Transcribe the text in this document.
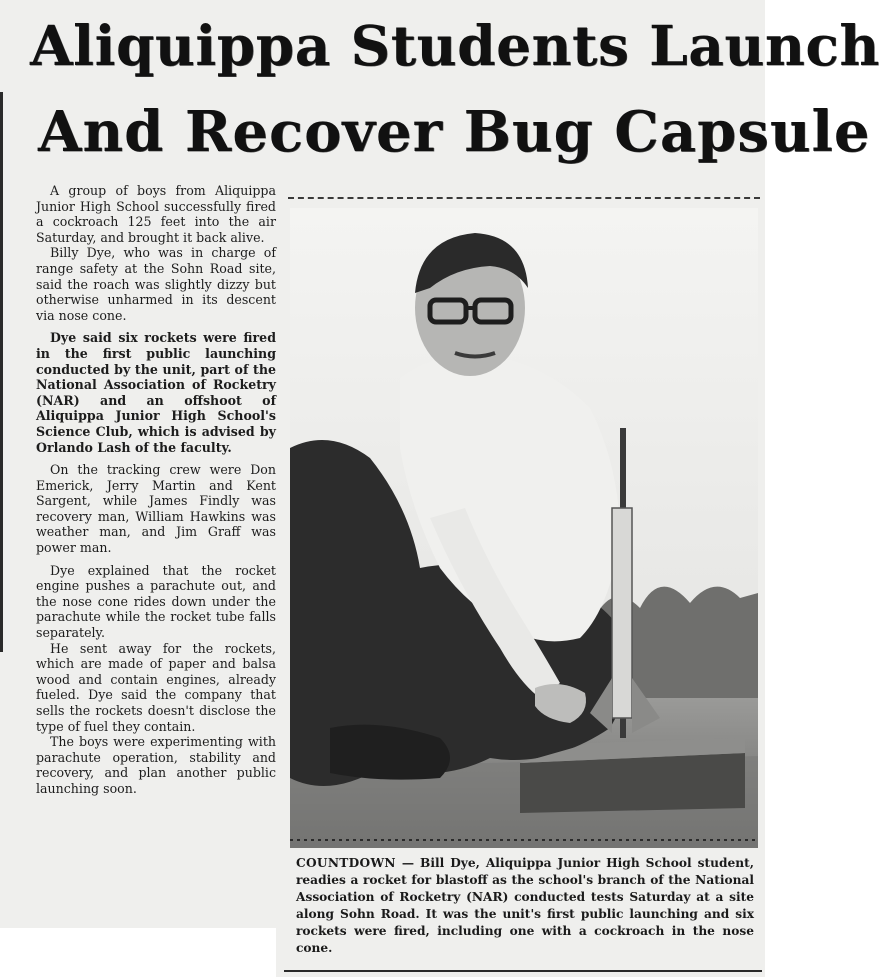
Aliquippa Students Launch
And Recover Bug Capsule

A group of boys from Aliquippa Junior High School successfully fired a cockroach 125 feet into the air Saturday, and brought it back alive.

Billy Dye, who was in charge of range safety at the Sohn Road site, said the roach was slightly dizzy but otherwise unharmed in its descent via nose cone.

Dye said six rockets were fired in the first public launching conducted by the unit, part of the National Association of Rocketry (NAR) and an offshoot of Aliquippa Junior High School's Science Club, which is advised by Orlando Lash of the faculty.

On the tracking crew were Don Emerick, Jerry Martin and Kent Sargent, while James Findly was recovery man, William Hawkins was weather man, and Jim Graff was power man.

Dye explained that the rocket engine pushes a parachute out, and the nose cone rides down under the parachute while the rocket tube falls separately.

He sent away for the rockets, which are made of paper and balsa wood and contain engines, already fueled. Dye said the company that sells the rockets doesn't disclose the type of fuel they contain.

The boys were experimenting with parachute operation, stability and recovery, and plan another public launching soon.

COUNTDOWN — Bill Dye, Aliquippa Junior High School student, readies a rocket for blastoff as the school's branch of the National Association of Rocketry (NAR) conducted tests Saturday at a site along Sohn Road. It was the unit's first public launching and six rockets were fired, including one with a cockroach in the nose cone.
